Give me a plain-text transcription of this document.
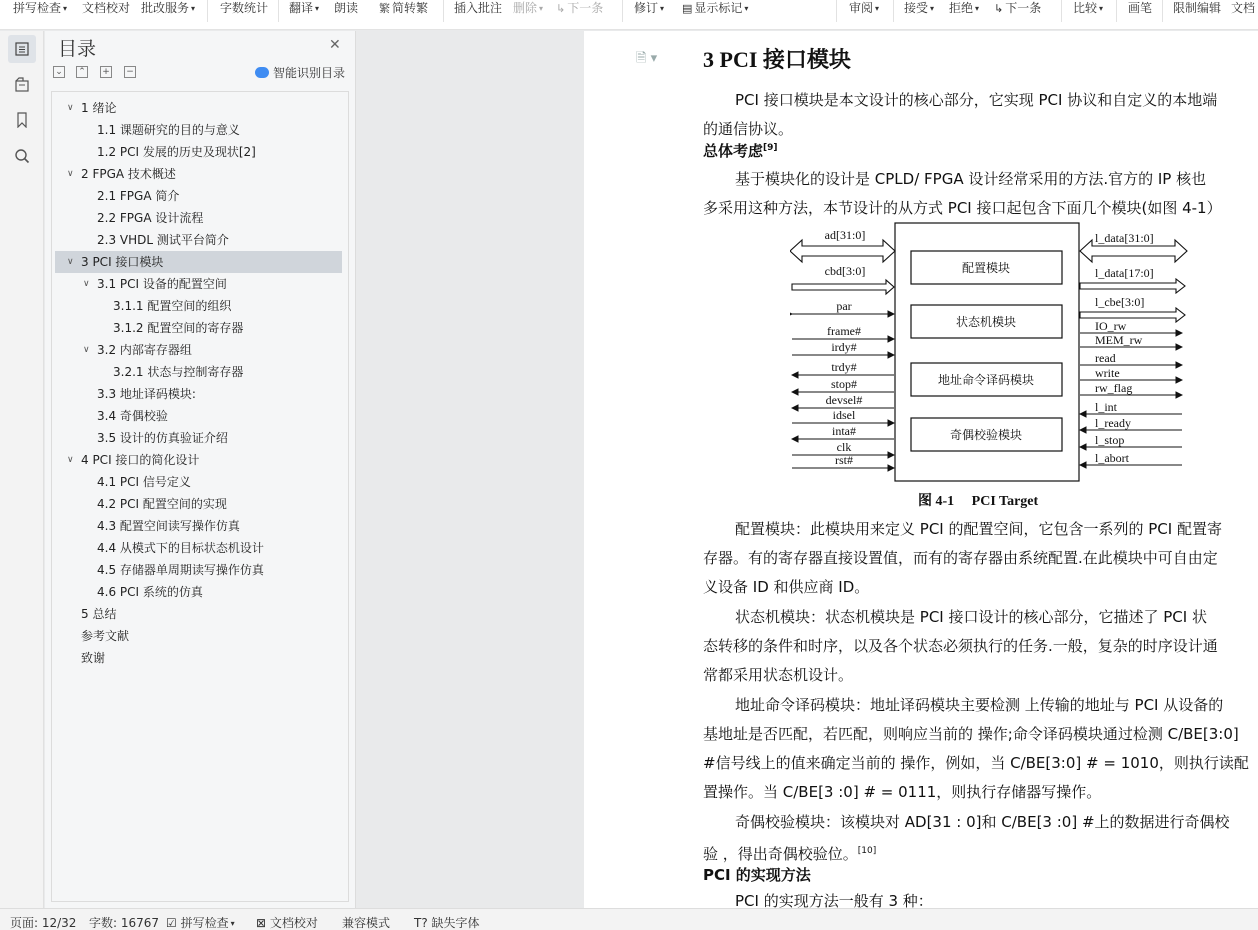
拼写检查 ▾ 文档校对 批改服务 ▾ 字数统计 翻译 ▾ 朗读 繁 简转繁 插入批注 删除 ▾ ↳ 下一条	修订 ▾ ▤ 显示标记 ▾	审阅 ▾ 接受 ▾ 拒绝 ▾ ↳ 下一条	比较 ▾ 画笔 限制编辑 文档
目录	✕
⌄ ⌃ + −	智能识别目录
∨ 1 绪论
1.1 课题研究的目的与意义
1.2 PCI 发展的历史及现状[2]
∨ 2 FPGA 技术概述
2.1 FPGA 简介
2.2 FPGA 设计流程
2.3 VHDL 测试平台简介
∨ 3 PCI 接口模块
∨ 3.1 PCI 设备的配置空间
3.1.1 配置空间的组织
3.1.2 配置空间的寄存器
∨ 3.2 内部寄存器组
3.2.1 状态与控制寄存器
3.3 地址译码模块:
3.4 奇偶校验
3.5 设计的仿真验证介绍
∨ 4 PCI 接口的简化设计
4.1 PCI 信号定义
4.2 PCI 配置空间的实现
4.3 配置空间读写操作仿真
4.4 从模式下的目标状态机设计
4.5 存储器单周期读写操作仿真
4.6 PCI 系统的仿真
5 总结
参考文献
致谢
🗎 ▾ 3 PCI 接口模块
PCI 接口模块是本文设计的核心部分，它实现 PCI 协议和自定义的本地端
的通信协议。
总体考虑[9]
基于模块化的设计是 CPLD/ FPGA 设计经常采用的方法.官方的 IP 核也
多采用这种方法，本节设计的从方式 PCI 接口起包含下面几个模块(如图 4-1）
配置模块
状态机模块
地址命令译码模块
奇偶校验模块
ad[31:0]
cbd[3:0]
par
frame#
irdy#
trdy#
stop#
devsel#
idsel
inta#
clk
rst#
l_data[31:0]
l_data[17:0]
l_cbe[3:0]
IO_rw
MEM_rw
read
write
rw_flag
l_int
l_ready
l_stop
l_abort
图 4-1 PCI Target
配置模块：此模块用来定义 PCI 的配置空间，它包含一系列的 PCI 配置寄
存器。有的寄存器直接设置值，而有的寄存器由系统配置.在此模块中可自由定
义设备 ID 和供应商 ID。
状态机模块：状态机模块是 PCI 接口设计的核心部分，它描述了 PCI 状
态转移的条件和时序，以及各个状态必须执行的任务.一般，复杂的时序设计通
常都采用状态机设计。
地址命令译码模块：地址译码模块主要检测 上传输的地址与 PCI 从设备的
基地址是否匹配，若匹配，则响应当前的 操作;命令译码模块通过检测 C/BE[3:0]
#信号线上的值来确定当前的 操作，例如，当 C/BE[3:0] # = 1010，则执行读配
置操作。当 C/BE[3 :0] # = 0111，则执行存储器写操作。
奇偶校验模块：该模块对 AD[31 : 0]和 C/BE[3 :0] #上的数据进行奇偶校
验 ，得出奇偶校验位。[10]
PCI 的实现方法
PCI 的实现方法一般有 3 种：
页面: 12/32 字数: 16767 ☑ 拼写检查 ▾ ⊠ 文档校对 兼容模式 T? 缺失字体
